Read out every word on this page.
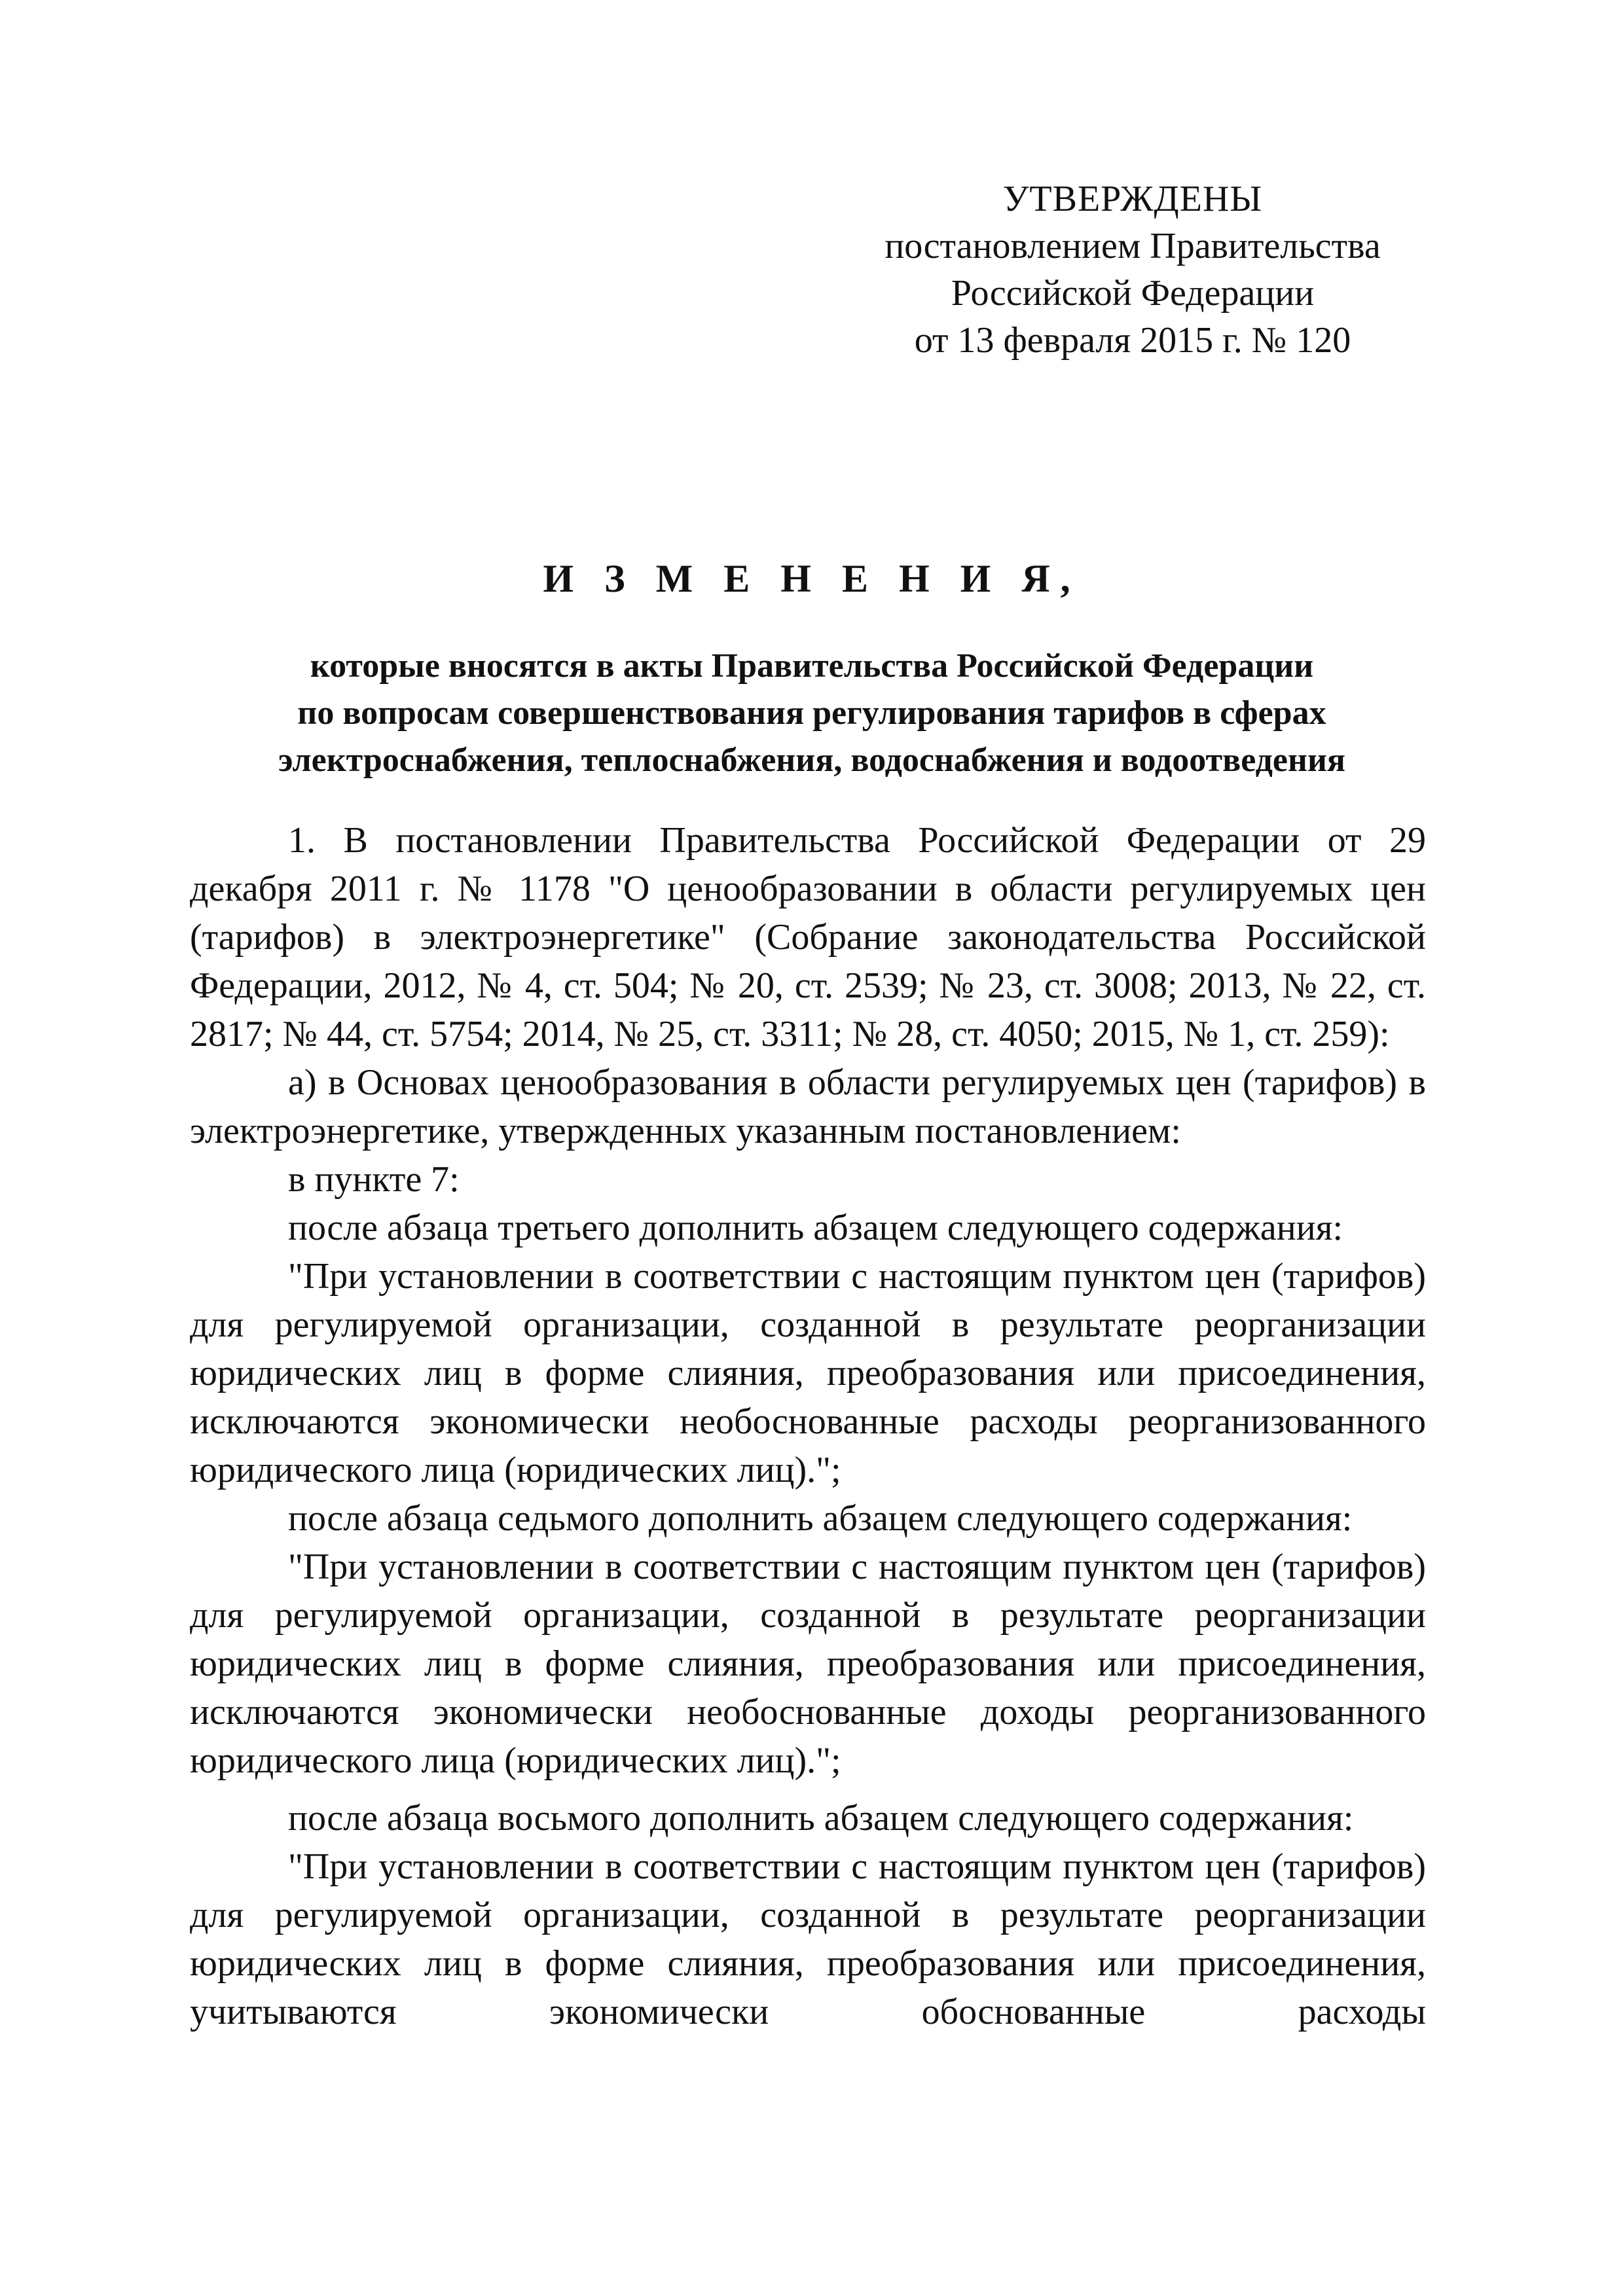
УТВЕРЖДЕНЫ
постановлением Правительства
Российской Федерации
от 13 февраля 2015 г. № 120
И З М Е Н Е Н И Я,
которые вносятся в акты Правительства Российской Федерации
по вопросам совершенствования регулирования тарифов в сферах
электроснабжения, теплоснабжения, водоснабжения и водоотведения

1. В постановлении Правительства Российской Федерации от 29 декабря 2011 г. № 1178 "О ценообразовании в области регулируемых цен (тарифов) в электроэнергетике" (Собрание законодательства Российской Федерации, 2012, № 4, ст. 504; № 20, ст. 2539; № 23, ст. 3008; 2013, № 22, ст. 2817; № 44, ст. 5754; 2014, № 25, ст. 3311; № 28, ст. 4050; 2015, № 1, ст. 259):

а) в Основах ценообразования в области регулируемых цен (тарифов) в электроэнергетике, утвержденных указанным постановлением:

в пункте 7:

после абзаца третьего дополнить абзацем следующего содержания:

"При установлении в соответствии с настоящим пунктом цен (тарифов) для регулируемой организации, созданной в результате реорганизации юридических лиц в форме слияния, преобразования или присоединения, исключаются экономически необоснованные расходы реорганизованного юридического лица (юридических лиц).";

после абзаца седьмого дополнить абзацем следующего содержания:

"При установлении в соответствии с настоящим пунктом цен (тарифов) для регулируемой организации, созданной в результате реорганизации юридических лиц в форме слияния, преобразования или присоединения, исключаются экономически необоснованные доходы реорганизованного юридического лица (юридических лиц).";

после абзаца восьмого дополнить абзацем следующего содержания:

"При установлении в соответствии с настоящим пунктом цен (тарифов) для регулируемой организации, созданной в результате реорганизации юридических лиц в форме слияния, преобразования или присоединения, учитываются экономически обоснованные расходы
